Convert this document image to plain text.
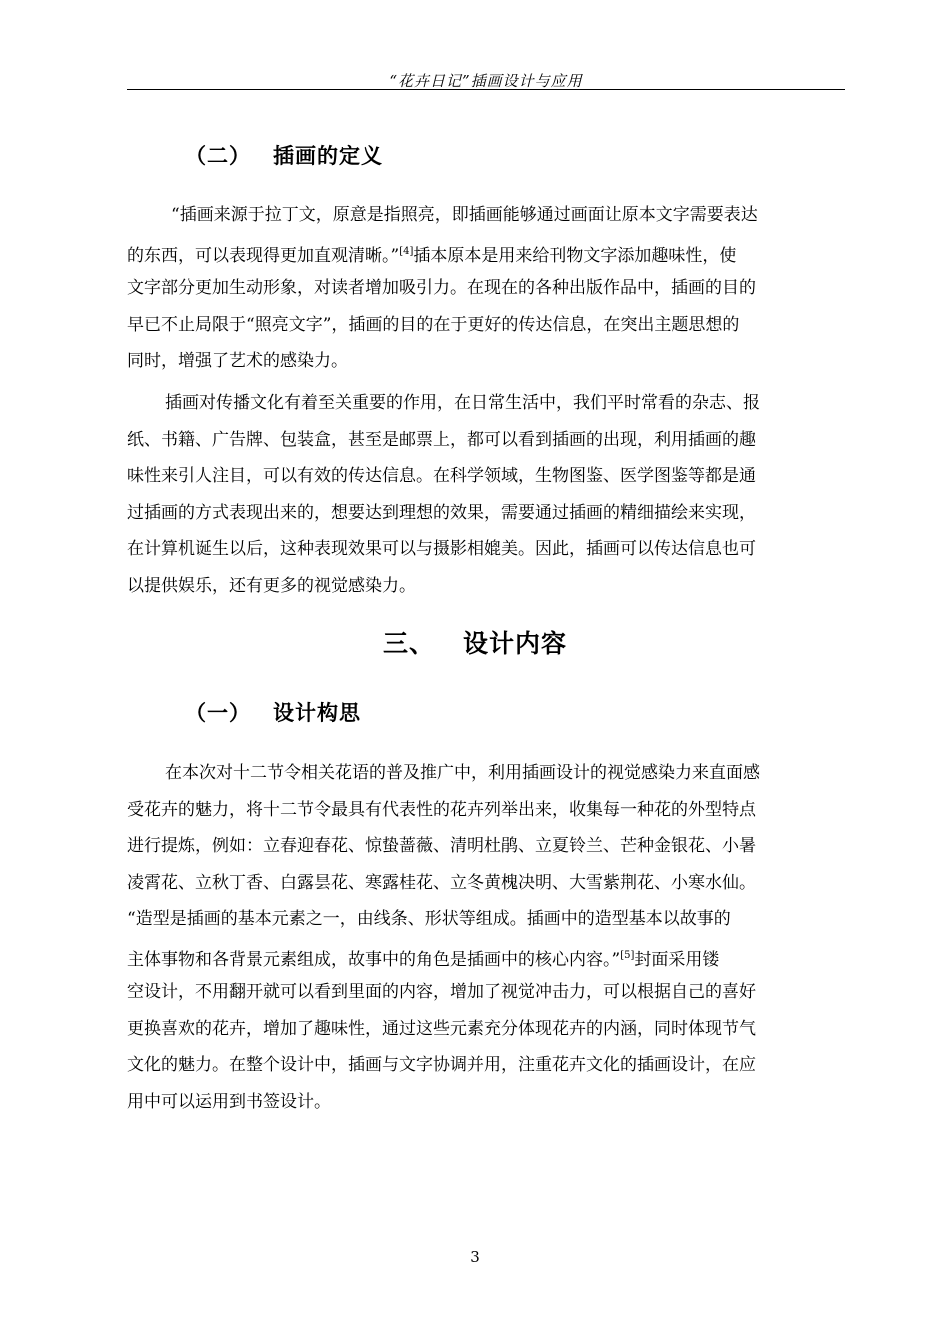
“花卉日记”插画设计与应用
（二） 插画的定义
“插画来源于拉丁文，原意是指照亮，即插画能够通过画面让原本文字需要表达
的东西，可以表现得更加直观清晰。”[4]插本原本是用来给刊物文字添加趣味性，使
文字部分更加生动形象，对读者增加吸引力。在现在的各种出版作品中，插画的目的
早已不止局限于“照亮文字”，插画的目的在于更好的传达信息，在突出主题思想的
同时，增强了艺术的感染力。
插画对传播文化有着至关重要的作用，在日常生活中，我们平时常看的杂志、报
纸、书籍、广告牌、包装盒，甚至是邮票上，都可以看到插画的出现，利用插画的趣
味性来引人注目，可以有效的传达信息。在科学领域，生物图鉴、医学图鉴等都是通
过插画的方式表现出来的，想要达到理想的效果，需要通过插画的精细描绘来实现，
在计算机诞生以后，这种表现效果可以与摄影相媲美。因此，插画可以传达信息也可
以提供娱乐，还有更多的视觉感染力。
三、 设计内容
（一） 设计构思
在本次对十二节令相关花语的普及推广中，利用插画设计的视觉感染力来直面感
受花卉的魅力，将十二节令最具有代表性的花卉列举出来，收集每一种花的外型特点
进行提炼，例如：立春迎春花、惊蛰蔷薇、清明杜鹃、立夏铃兰、芒种金银花、小暑
凌霄花、立秋丁香、白露昙花、寒露桂花、立冬黄槐决明、大雪紫荆花、小寒水仙。
“造型是插画的基本元素之一，由线条、形状等组成。插画中的造型基本以故事的
主体事物和各背景元素组成，故事中的角色是插画中的核心内容。”[5]封面采用镂
空设计，不用翻开就可以看到里面的内容，增加了视觉冲击力，可以根据自己的喜好
更换喜欢的花卉，增加了趣味性，通过这些元素充分体现花卉的内涵，同时体现节气
文化的魅力。在整个设计中，插画与文字协调并用，注重花卉文化的插画设计，在应
用中可以运用到书签设计。
3
